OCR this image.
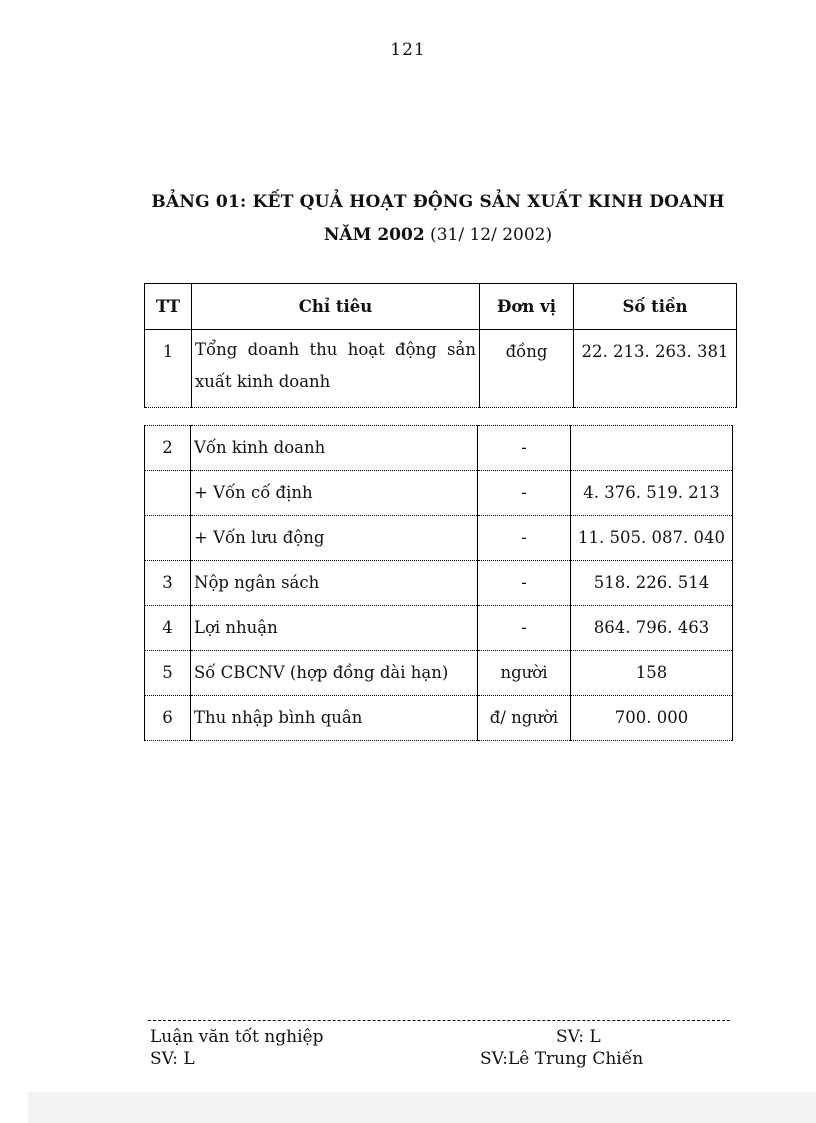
121
BẢNG 01: KẾT QUẢ HOẠT ĐỘNG SẢN XUẤT KINH DOANH
NĂM 2002 (31/ 12/ 2002)
TT	Chỉ tiêu	Đơn vị	Số tiền
1	Tổng doanh thu hoạt động sản xuất kinh doanh	đồng	22. 213. 263. 381
2	Vốn kinh doanh	-	
	+ Vốn cố định	-	4. 376. 519. 213
	+ Vốn lưu động	-	11. 505. 087. 040
3	Nộp ngân sách	-	518. 226. 514
4	Lợi nhuận	-	864. 796. 463
5	Số CBCNV (hợp đồng dài hạn)	người	158
6	Thu nhập bình quân	đ/ người	700. 000
Luận văn tốt nghiệp	SV: L
SV: L	SV:Lê Trung Chiến
